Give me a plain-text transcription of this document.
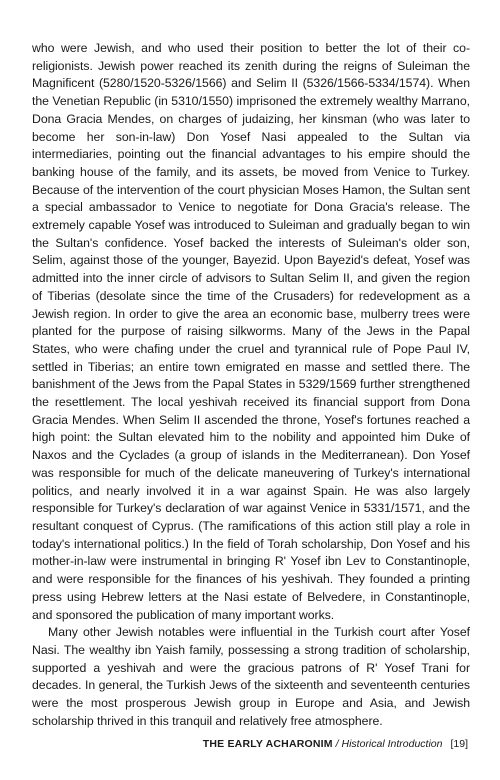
who were Jewish, and who used their position to better the lot of their co-religionists. Jewish power reached its zenith during the reigns of Suleiman the Magnificent (5280/1520-5326/1566) and Selim II (5326/1566-5334/1574). When the Venetian Republic (in 5310/1550) imprisoned the extremely wealthy Marrano, Dona Gracia Mendes, on charges of judaizing, her kinsman (who was later to become her son-in-law) Don Yosef Nasi appealed to the Sultan via intermediaries, pointing out the financial advantages to his empire should the banking house of the family, and its assets, be moved from Venice to Turkey. Because of the intervention of the court physician Moses Hamon, the Sultan sent a special ambassador to Venice to negotiate for Dona Gracia's release. The extremely capable Yosef was introduced to Suleiman and gradually began to win the Sultan's confidence. Yosef backed the interests of Suleiman's older son, Selim, against those of the younger, Bayezid. Upon Bayezid's defeat, Yosef was admitted into the inner circle of advisors to Sultan Selim II, and given the region of Tiberias (desolate since the time of the Crusaders) for redevelopment as a Jewish region. In order to give the area an economic base, mulberry trees were planted for the purpose of raising silkworms. Many of the Jews in the Papal States, who were chafing under the cruel and tyrannical rule of Pope Paul IV, settled in Tiberias; an entire town emigrated en masse and settled there. The banishment of the Jews from the Papal States in 5329/1569 further strengthened the resettlement. The local yeshivah received its financial support from Dona Gracia Mendes. When Selim II ascended the throne, Yosef's fortunes reached a high point: the Sultan elevated him to the nobility and appointed him Duke of Naxos and the Cyclades (a group of islands in the Mediterranean). Don Yosef was responsible for much of the delicate maneuvering of Turkey's international politics, and nearly involved it in a war against Spain. He was also largely responsible for Turkey's declaration of war against Venice in 5331/1571, and the resultant conquest of Cyprus. (The ramifications of this action still play a role in today's international politics.) In the field of Torah scholarship, Don Yosef and his mother-in-law were instrumental in bringing R' Yosef ibn Lev to Constantinople, and were responsible for the finances of his yeshivah. They founded a printing press using Hebrew letters at the Nasi estate of Belvedere, in Constantinople, and sponsored the publication of many important works.

Many other Jewish notables were influential in the Turkish court after Yosef Nasi. The wealthy ibn Yaish family, possessing a strong tradition of scholarship, supported a yeshivah and were the gracious patrons of R' Yosef Trani for decades. In general, the Turkish Jews of the sixteenth and seventeenth centuries were the most prosperous Jewish group in Europe and Asia, and Jewish scholarship thrived in this tranquil and relatively free atmosphere.

THE EARLY ACHARONIM / Historical Introduction [19]
